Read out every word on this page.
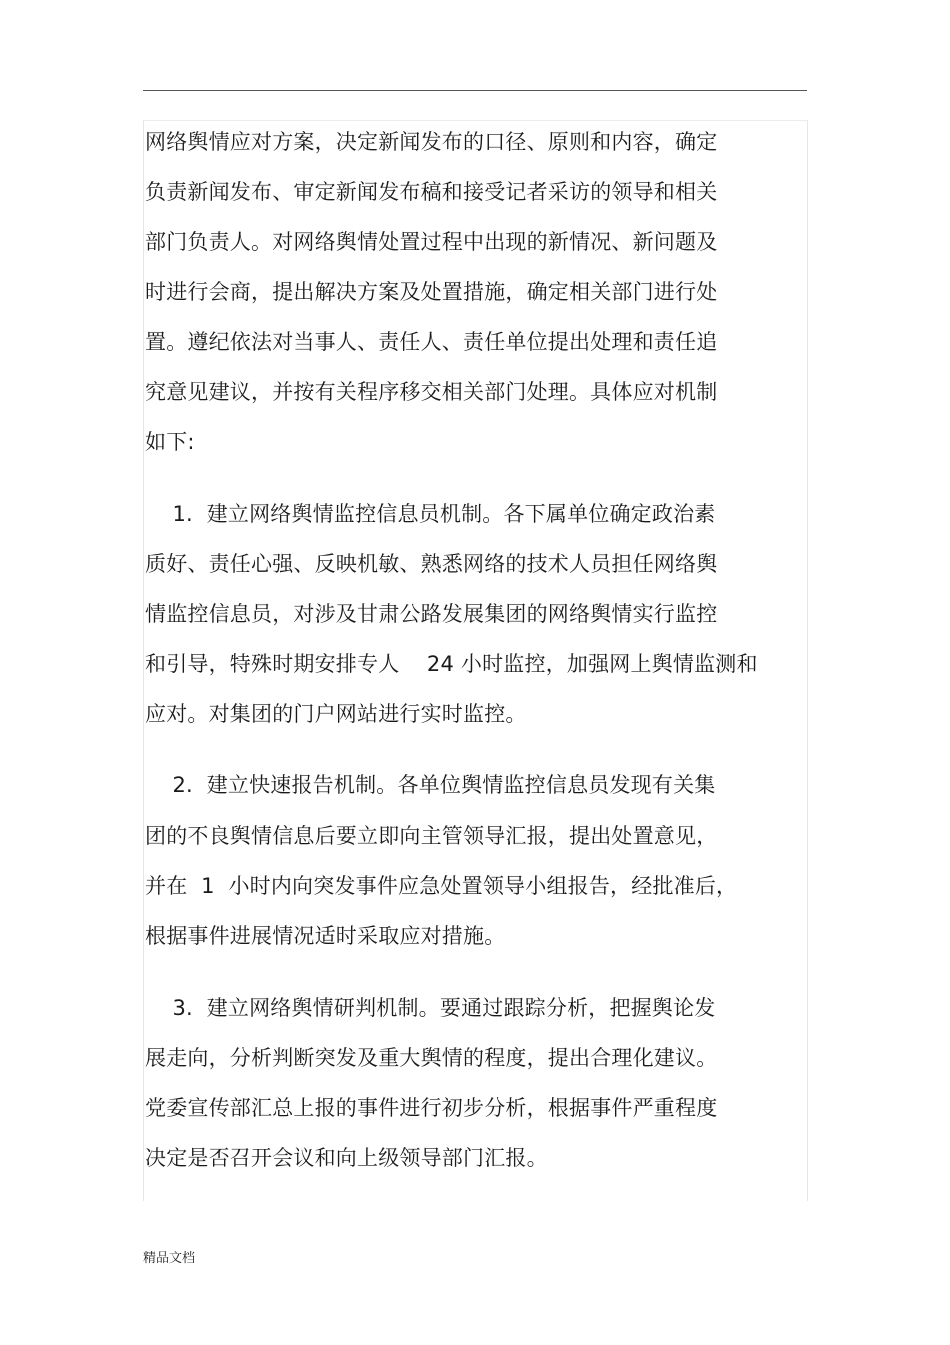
网络舆情应对方案，决定新闻发布的口径、原则和内容，确定
负责新闻发布、审定新闻发布稿和接受记者采访的领导和相关
部门负责人。对网络舆情处置过程中出现的新情况、新问题及
时进行会商，提出解决方案及处置措施，确定相关部门进行处
置。遵纪依法对当事人、责任人、责任单位提出处理和责任追
究意见建议，并按有关程序移交相关部门处理。具体应对机制
如下:
1.  建立网络舆情监控信息员机制。各下属单位确定政治素
质好、责任心强、反映机敏、熟悉网络的技术人员担任网络舆
情监控信息员，对涉及甘肃公路发展集团的网络舆情实行监控
和引导，特殊时期安排专人    24 小时监控，加强网上舆情监测和
应对。对集团的门户网站进行实时监控。
2.  建立快速报告机制。各单位舆情监控信息员发现有关集
团的不良舆情信息后要立即向主管领导汇报，提出处置意见，
并在  1  小时内向突发事件应急处置领导小组报告，经批准后，
根据事件进展情况适时采取应对措施。
3.  建立网络舆情研判机制。要通过跟踪分析，把握舆论发
展走向，分析判断突发及重大舆情的程度，提出合理化建议。
党委宣传部汇总上报的事件进行初步分析，根据事件严重程度
决定是否召开会议和向上级领导部门汇报。
精品文档
